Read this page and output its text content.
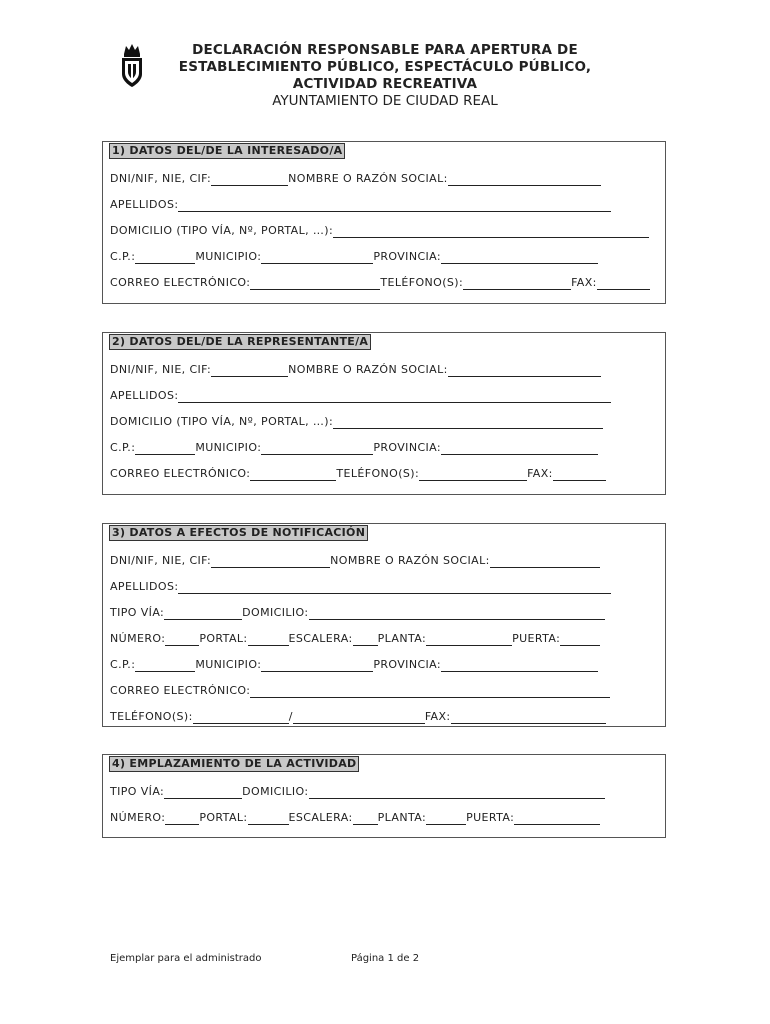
DECLARACIÓN RESPONSABLE PARA APERTURA DE
ESTABLECIMIENTO PÚBLICO, ESPECTÁCULO PÚBLICO,
ACTIVIDAD RECREATIVA
AYUNTAMIENTO DE CIUDAD REAL
1) DATOS DEL/DE LA INTERESADO/A
DNI/NIF, NIE, CIF:	NOMBRE O RAZÓN SOCIAL:
APELLIDOS:
DOMICILIO (TIPO VÍA, Nº, PORTAL, …):
C.P.:	MUNICIPIO:	PROVINCIA:
CORREO ELECTRÓNICO:	TELÉFONO(S):	FAX:
2) DATOS DEL/DE LA REPRESENTANTE/A
DNI/NIF, NIE, CIF:	NOMBRE O RAZÓN SOCIAL:
APELLIDOS:
DOMICILIO (TIPO VÍA, Nº, PORTAL, …):
C.P.:	MUNICIPIO:	PROVINCIA:
CORREO ELECTRÓNICO:	TELÉFONO(S):	FAX:
3) DATOS A EFECTOS DE NOTIFICACIÓN
DNI/NIF, NIE, CIF:	NOMBRE O RAZÓN SOCIAL:
APELLIDOS:
TIPO VÍA:	DOMICILIO:
NÚMERO:	PORTAL:	ESCALERA: PLANTA:	PUERTA:
C.P.:	MUNICIPIO:	PROVINCIA:
CORREO ELECTRÓNICO:
TELÉFONO(S):	/	FAX:
4) EMPLAZAMIENTO DE LA ACTIVIDAD
TIPO VÍA:	DOMICILIO:
NÚMERO:	PORTAL:	ESCALERA: PLANTA:	PUERTA:
Ejemplar para el administrado	Página 1 de 2
